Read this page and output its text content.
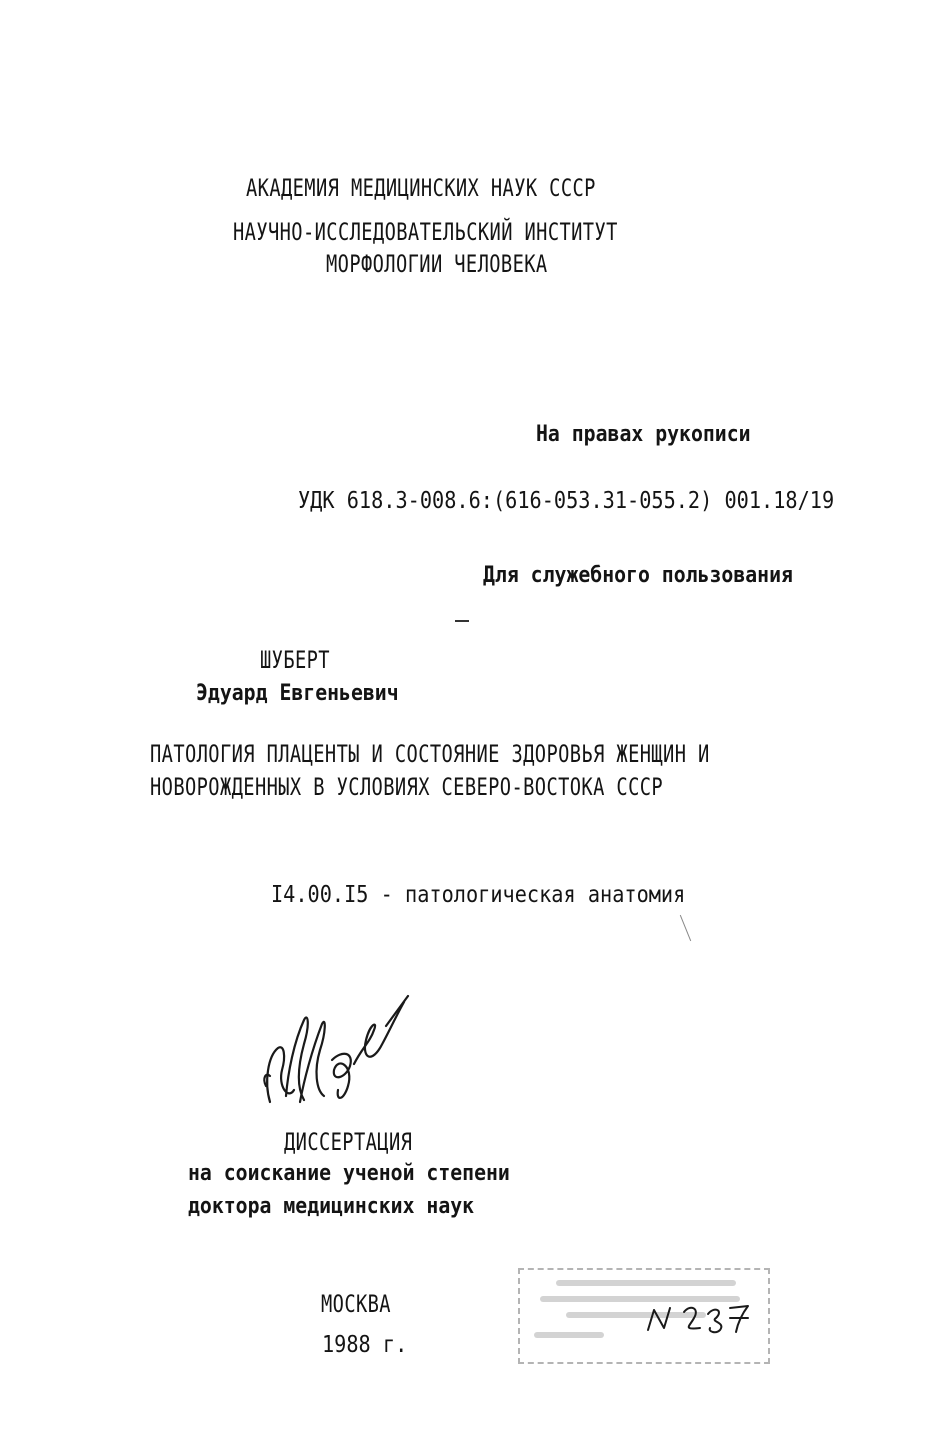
АКАДЕМИЯ МЕДИЦИНСКИХ НАУК СССР
НАУЧНО-ИССЛЕДОВАТЕЛЬСКИЙ ИНСТИТУТ
МОРФОЛОГИИ ЧЕЛОВЕКА
На правах рукописи
УДК 618.3-008.6:(616-053.31-055.2) 001.18/19
Для служебного пользования
ШУБЕРТ
Эдуард Евгеньевич
ПАТОЛОГИЯ ПЛАЦЕНТЫ И СОСТОЯНИЕ ЗДОРОВЬЯ ЖЕНЩИН И
НОВОРОЖДЕННЫХ В УСЛОВИЯХ СЕВЕРО-ВОСТОКА СССР
I4.00.I5 - патологическая анатомия
ДИССЕРТАЦИЯ
на соискание ученой степени
доктора медицинских наук
МОСКВА
1988 г.
